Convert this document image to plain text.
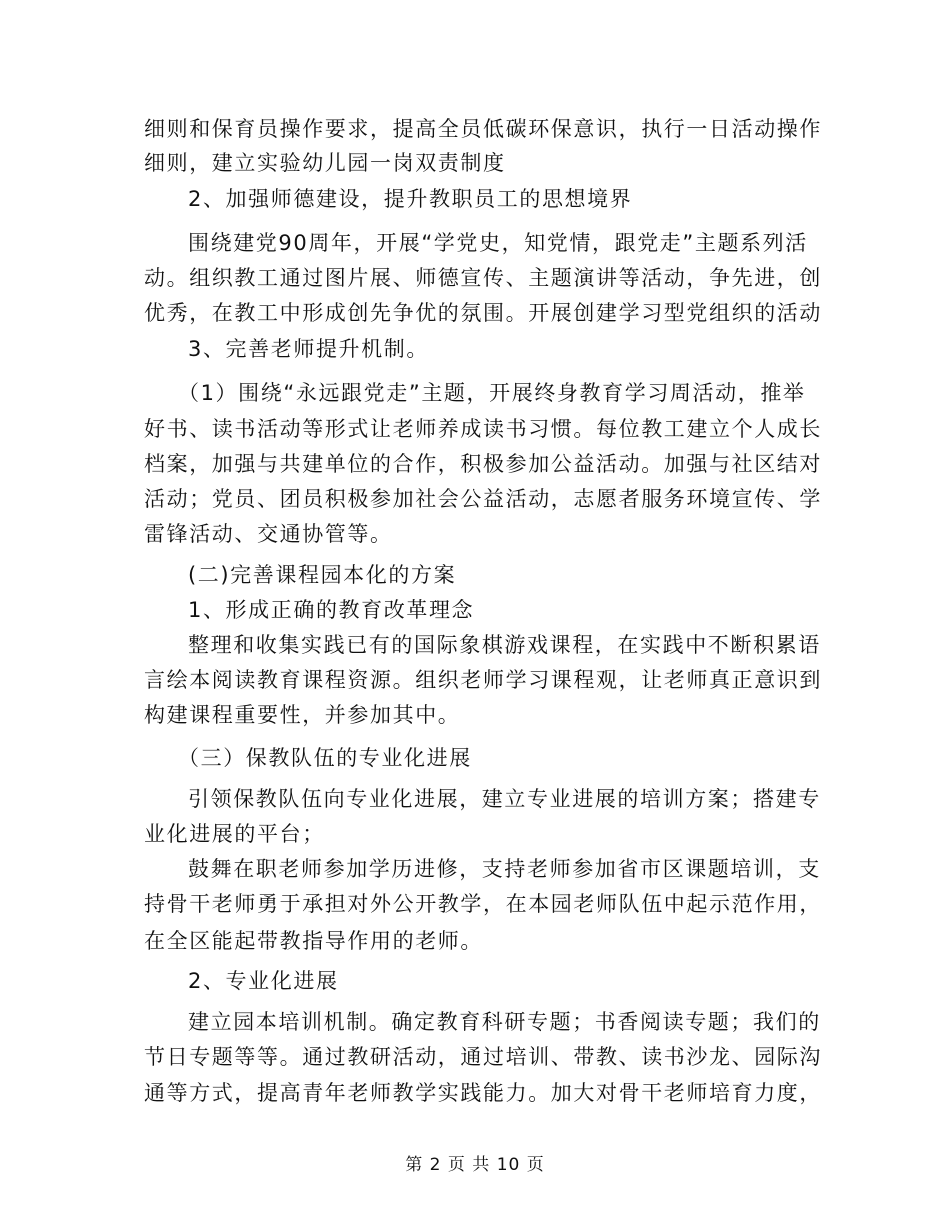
细则和保育员操作要求，提高全员低碳环保意识，执行一日活动操作
细则，建立实验幼儿园一岗双责制度
2、加强师德建设，提升教职员工的思想境界
围绕建党90周年，开展“学党史，知党情，跟党走”主题系列活
动。组织教工通过图片展、师德宣传、主题演讲等活动，争先进，创
优秀，在教工中形成创先争优的氛围。开展创建学习型党组织的活动
3、完善老师提升机制。
（1）围绕“永远跟党走”主题，开展终身教育学习周活动，推举
好书、读书活动等形式让老师养成读书习惯。每位教工建立个人成长
档案，加强与共建单位的合作，积极参加公益活动。加强与社区结对
活动；党员、团员积极参加社会公益活动，志愿者服务环境宣传、学
雷锋活动、交通协管等。
(二)完善课程园本化的方案
1、形成正确的教育改革理念
整理和收集实践已有的国际象棋游戏课程，在实践中不断积累语
言绘本阅读教育课程资源。组织老师学习课程观，让老师真正意识到
构建课程重要性，并参加其中。
（三）保教队伍的专业化进展
引领保教队伍向专业化进展，建立专业进展的培训方案；搭建专
业化进展的平台；
鼓舞在职老师参加学历进修，支持老师参加省市区课题培训，支
持骨干老师勇于承担对外公开教学，在本园老师队伍中起示范作用，
在全区能起带教指导作用的老师。
2、专业化进展
建立园本培训机制。确定教育科研专题；书香阅读专题；我们的
节日专题等等。通过教研活动，通过培训、带教、读书沙龙、园际沟
通等方式，提高青年老师教学实践能力。加大对骨干老师培育力度，
第 2 页 共 10 页
